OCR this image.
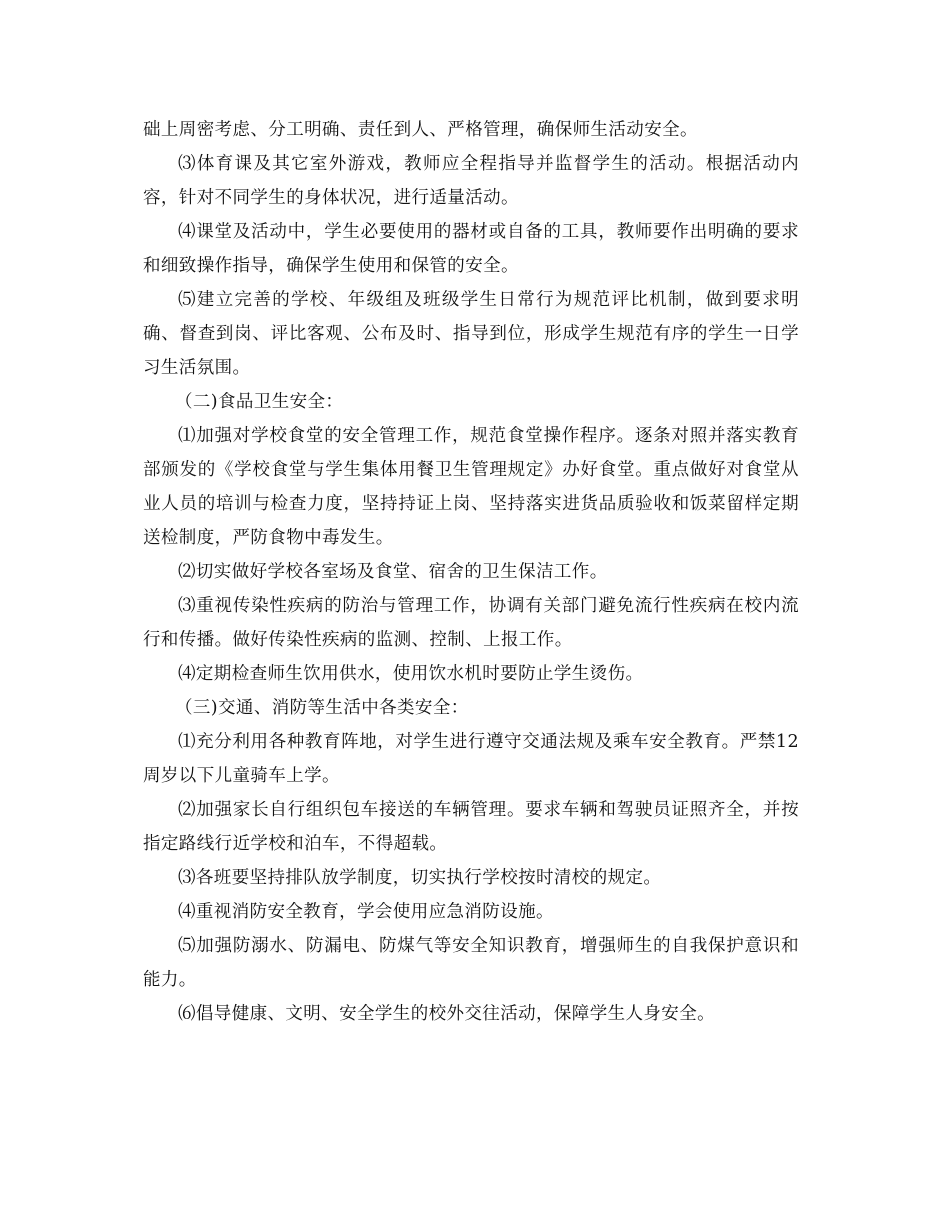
础上周密考虑、分工明确、责任到人、严格管理，确保师生活动安全。

⑶体育课及其它室外游戏，教师应全程指导并监督学生的活动。根据活动内容，针对不同学生的身体状况，进行适量活动。

⑷课堂及活动中，学生必要使用的器材或自备的工具，教师要作出明确的要求和细致操作指导，确保学生使用和保管的安全。

⑸建立完善的学校、年级组及班级学生日常行为规范评比机制，做到要求明确、督查到岗、评比客观、公布及时、指导到位，形成学生规范有序的学生一日学习生活氛围。

（二)食品卫生安全：

⑴加强对学校食堂的安全管理工作，规范食堂操作程序。逐条对照并落实教育部颁发的《学校食堂与学生集体用餐卫生管理规定》办好食堂。重点做好对食堂从业人员的培训与检查力度，坚持持证上岗、坚持落实进货品质验收和饭菜留样定期送检制度，严防食物中毒发生。

⑵切实做好学校各室场及食堂、宿舍的卫生保洁工作。

⑶重视传染性疾病的防治与管理工作，协调有关部门避免流行性疾病在校内流行和传播。做好传染性疾病的监测、控制、上报工作。

⑷定期检查师生饮用供水，使用饮水机时要防止学生烫伤。

（三)交通、消防等生活中各类安全：

⑴充分利用各种教育阵地，对学生进行遵守交通法规及乘车安全教育。严禁12周岁以下儿童骑车上学。

⑵加强家长自行组织包车接送的车辆管理。要求车辆和驾驶员证照齐全，并按指定路线行近学校和泊车，不得超载。

⑶各班要坚持排队放学制度，切实执行学校按时清校的规定。

⑷重视消防安全教育，学会使用应急消防设施。

⑸加强防溺水、防漏电、防煤气等安全知识教育，增强师生的自我保护意识和能力。

⑹倡导健康、文明、安全学生的校外交往活动，保障学生人身安全。
